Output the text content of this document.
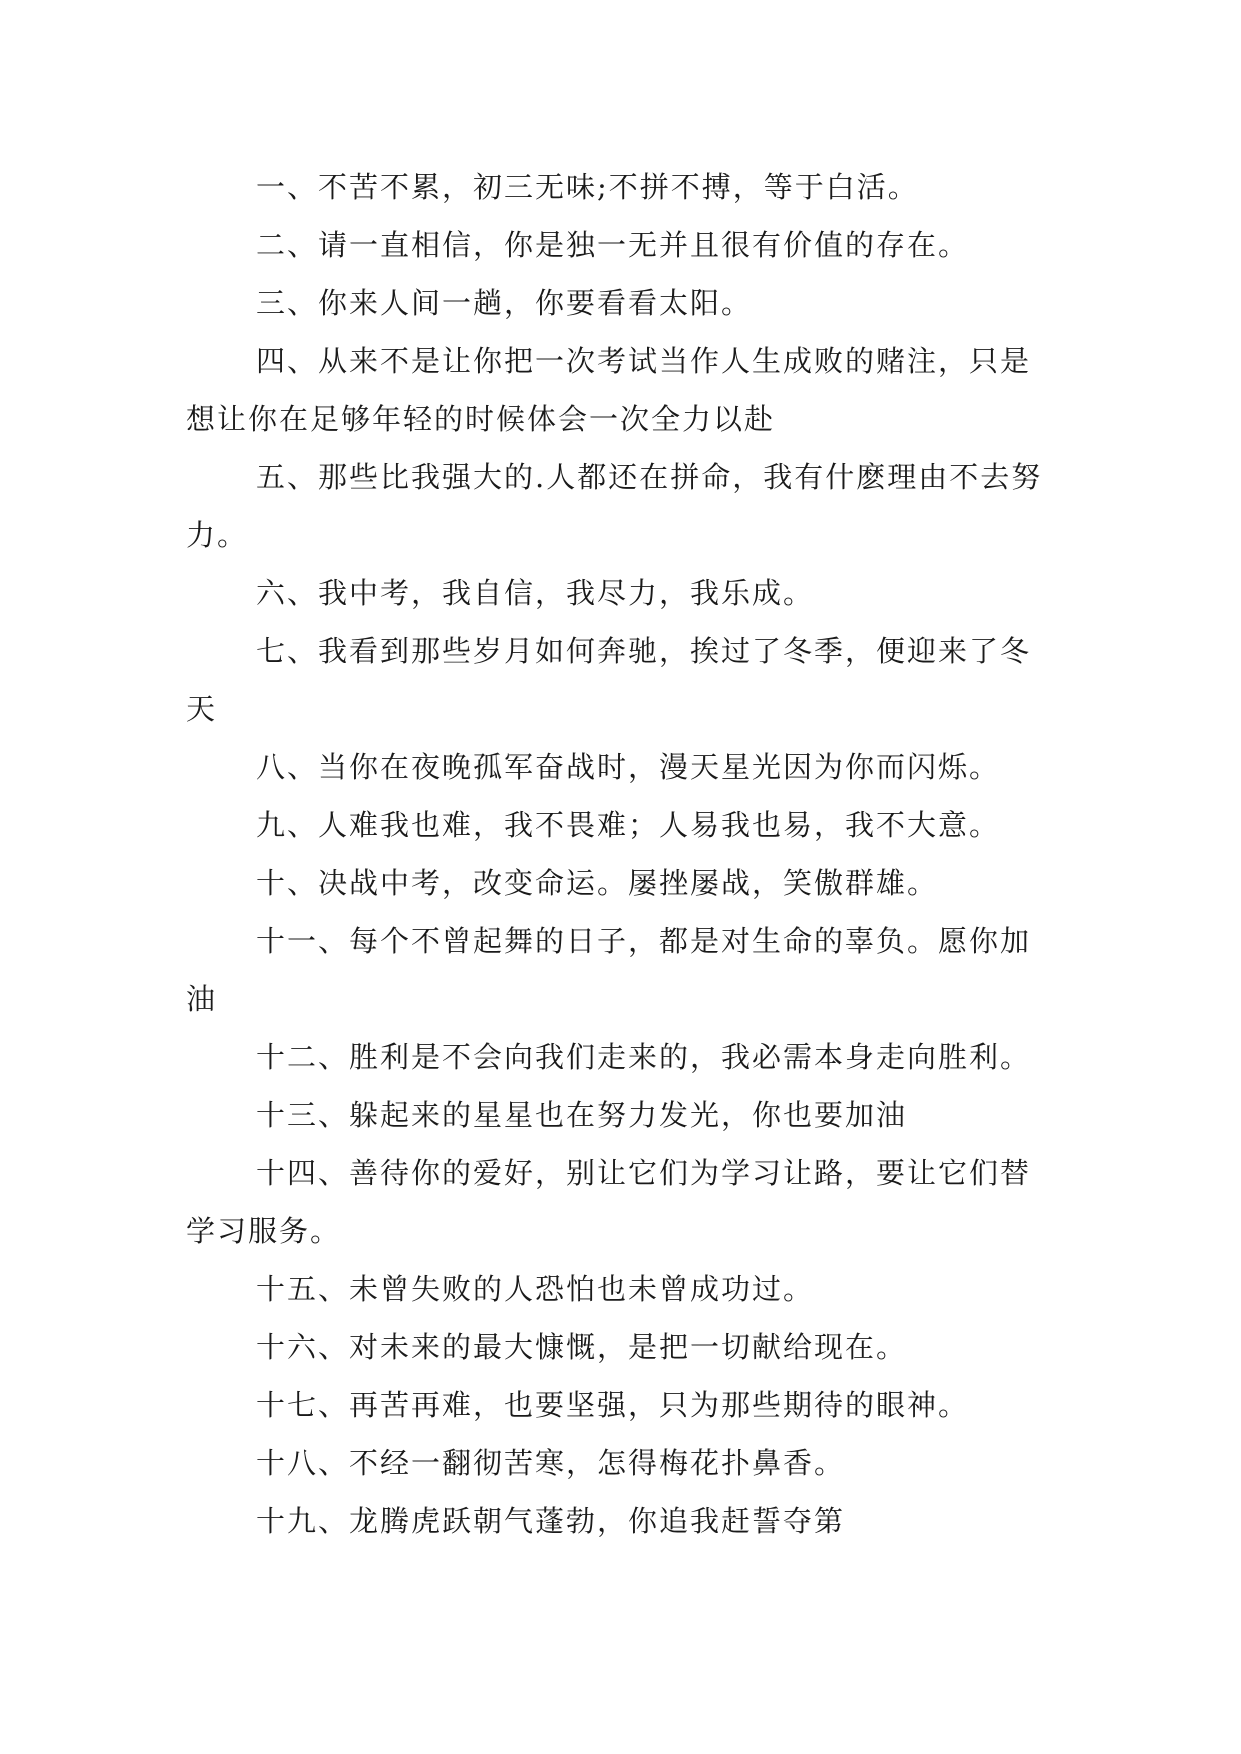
一、不苦不累，初三无味;不拼不搏，等于白活。

二、请一直相信，你是独一无并且很有价值的存在。

三、你来人间一趟，你要看看太阳。

四、从来不是让你把一次考试当作人生成败的赌注，只是想让你在足够年轻的时候体会一次全力以赴

五、那些比我强大的.人都还在拼命，我有什麽理由不去努力。

六、我中考，我自信，我尽力，我乐成。

七、我看到那些岁月如何奔驰，挨过了冬季，便迎来了冬天

八、当你在夜晚孤军奋战时，漫天星光因为你而闪烁。

九、人难我也难，我不畏难；人易我也易，我不大意。

十、决战中考，改变命运。屡挫屡战，笑傲群雄。

十一、每个不曾起舞的日子，都是对生命的辜负。愿你加油

十二、胜利是不会向我们走来的，我必需本身走向胜利。

十三、躲起来的星星也在努力发光，你也要加油

十四、善待你的爱好，别让它们为学习让路，要让它们替学习服务。

十五、未曾失败的人恐怕也未曾成功过。

十六、对未来的最大慷慨，是把一切献给现在。

十七、再苦再难，也要坚强，只为那些期待的眼神。

十八、不经一翻彻苦寒，怎得梅花扑鼻香。

十九、龙腾虎跃朝气蓬勃，你追我赶誓夺第
